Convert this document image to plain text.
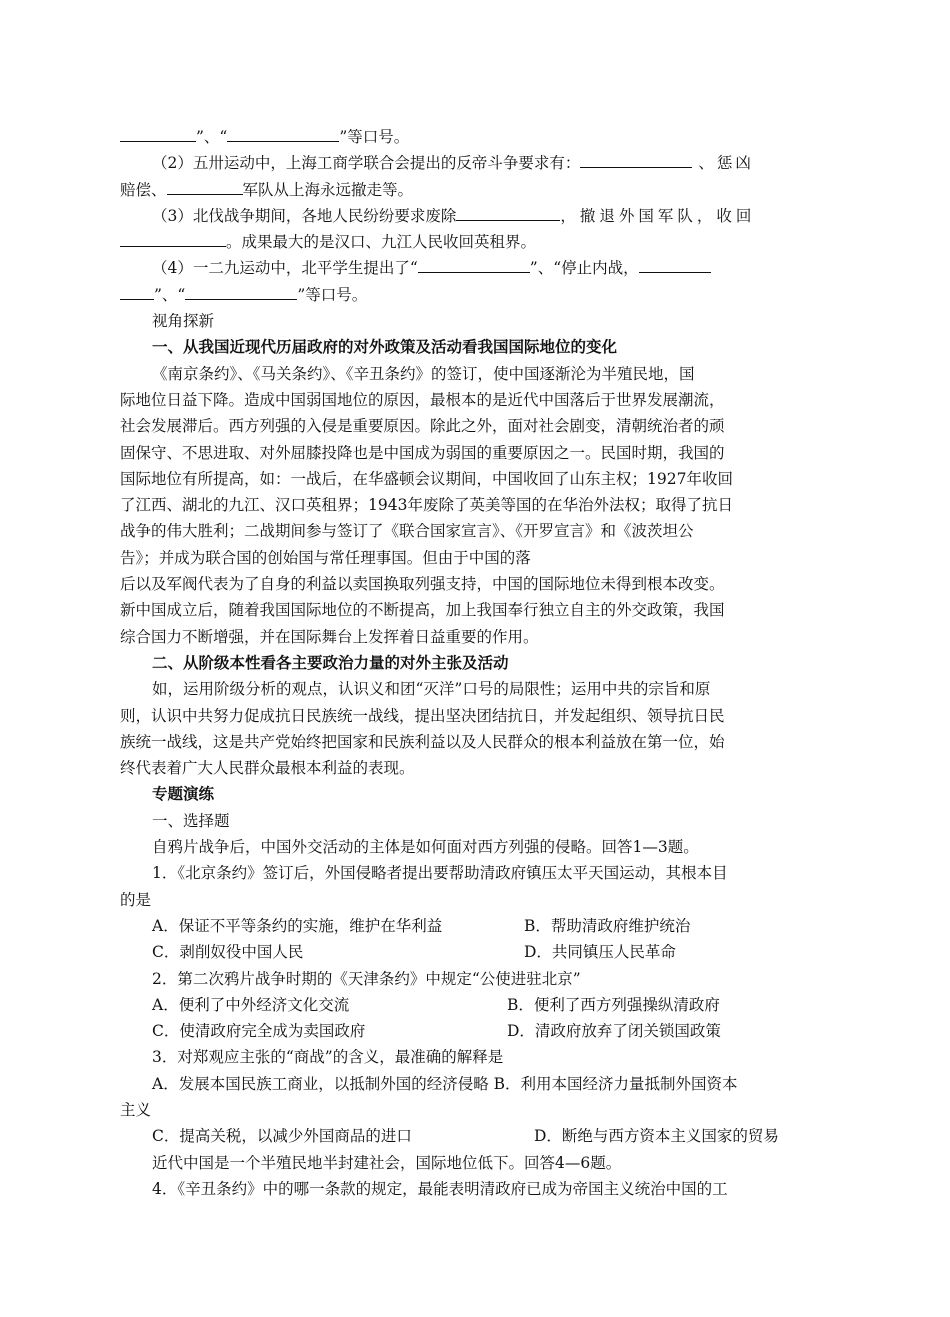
”、“	”等口号。
（2）五卅运动中，上海工商学联合会提出的反帝斗争要求有：	、惩凶
赔偿、	军队从上海永远撤走等。
（3）北伐战争期间，各地人民纷纷要求废除	，撤退外国军队，收回
。成果最大的是汉口、九江人民收回英租界。
（4）一二九运动中，北平学生提出了“	”、“停止内战，
”、“	”等口号。
视角探新
一、从我国近现代历届政府的对外政策及活动看我国国际地位的变化
《南京条约》、《马关条约》、《辛丑条约》的签订，使中国逐渐沦为半殖民地，国
际地位日益下降。造成中国弱国地位的原因，最根本的是近代中国落后于世界发展潮流，
社会发展滞后。西方列强的入侵是重要原因。除此之外，面对社会剧变，清朝统治者的顽
固保守、不思进取、对外屈膝投降也是中国成为弱国的重要原因之一。民国时期，我国的
国际地位有所提高，如：一战后，在华盛顿会议期间，中国收回了山东主权；1927年收回
了江西、湖北的九江、汉口英租界；1943年废除了英美等国的在华治外法权；取得了抗日
战争的伟大胜利；二战期间参与签订了《联合国家宣言》、《开罗宣言》和《波茨坦公
告》；并成为联合国的创始国与常任理事国。但由于中国的落
后以及军阀代表为了自身的利益以卖国换取列强支持，中国的国际地位未得到根本改变。
新中国成立后，随着我国国际地位的不断提高，加上我国奉行独立自主的外交政策，我国
综合国力不断增强，并在国际舞台上发挥着日益重要的作用。
二、从阶级本性看各主要政治力量的对外主张及活动
如，运用阶级分析的观点，认识义和团“灭洋”口号的局限性；运用中共的宗旨和原
则，认识中共努力促成抗日民族统一战线，提出坚决团结抗日，并发起组织、领导抗日民
族统一战线，这是共产党始终把国家和民族利益以及人民群众的根本利益放在第一位，始
终代表着广大人民群众最根本利益的表现。
专题演练
一、选择题
自鸦片战争后，中国外交活动的主体是如何面对西方列强的侵略。回答1—3题。
1．《北京条约》签订后，外国侵略者提出要帮助清政府镇压太平天国运动，其根本目
的是
A．保证不平等条约的实施，维护在华利益	B．帮助清政府维护统治
C．剥削奴役中国人民	D．共同镇压人民革命
2．第二次鸦片战争时期的《天津条约》中规定“公使进驻北京”
A．便利了中外经济文化交流	B．便利了西方列强操纵清政府
C．使清政府完全成为卖国政府	D．清政府放弃了闭关锁国政策
3．对郑观应主张的“商战”的含义，最准确的解释是
A．发展本国民族工商业，以抵制外国的经济侵略 B．利用本国经济力量抵制外国资本
主义
C．提高关税，以减少外国商品的进口	D．断绝与西方资本主义国家的贸易
近代中国是一个半殖民地半封建社会，国际地位低下。回答4—6题。
4．《辛丑条约》中的哪一条款的规定，最能表明清政府已成为帝国主义统治中国的工
